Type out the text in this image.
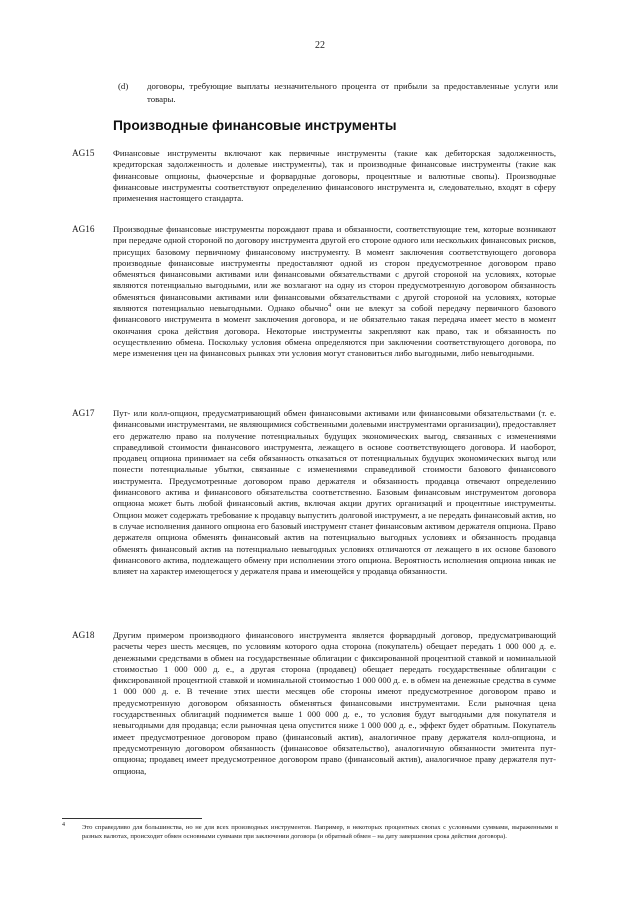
22
(d)	договоры, требующие выплаты незначительного процента от прибыли за предоставленные услуги или товары.
Производные финансовые инструменты
AG15	Финансовые инструменты включают как первичные инструменты (такие как дебиторская задолженность, кредиторская задолженность и долевые инструменты), так и производные финансовые инструменты (такие как финансовые опционы, фьючерсные и форвардные договоры, процентные и валютные свопы). Производные финансовые инструменты соответствуют определению финансового инструмента и, следовательно, входят в сферу применения настоящего стандарта.
AG16	Производные финансовые инструменты порождают права и обязанности, соответствующие тем, которые возникают при передаче одной стороной по договору инструмента другой его стороне одного или нескольких финансовых рисков, присущих базовому первичному финансовому инструменту. В момент заключения соответствующего договора производные финансовые инструменты предоставляют одной из сторон предусмотренное договором право обменяться финансовыми активами или финансовыми обязательствами с другой стороной на условиях, которые являются потенциально выгодными, или же возлагают на одну из сторон предусмотренную договором обязанность обменяться финансовыми активами или финансовыми обязательствами с другой стороной на условиях, которые являются потенциально невыгодными. Однако обычно$^4$ они не влекут за собой передачу первичного базового финансового инструмента в момент заключения договора, и не обязательно такая передача имеет место в момент окончания срока действия договора. Некоторые инструменты закрепляют как право, так и обязанность по осуществлению обмена. Поскольку условия обмена определяются при заключении соответствующего договора, по мере изменения цен на финансовых рынках эти условия могут становиться либо выгодными, либо невыгодными.
AG17	Пут- или колл-опцион, предусматривающий обмен финансовыми активами или финансовыми обязательствами (т. е. финансовыми инструментами, не являющимися собственными долевыми инструментами организации), предоставляет его держателю право на получение потенциальных будущих экономических выгод, связанных с изменениями справедливой стоимости финансового инструмента, лежащего в основе соответствующего договора. И наоборот, продавец опциона принимает на себя обязанность отказаться от потенциальных будущих экономических выгод или понести потенциальные убытки, связанные с изменениями справедливой стоимости базового финансового инструмента. Предусмотренные договором право держателя и обязанность продавца отвечают определению финансового актива и финансового обязательства соответственно. Базовым финансовым инструментом договора опциона может быть любой финансовый актив, включая акции других организаций и процентные инструменты. Опцион может содержать требование к продавцу выпустить долговой инструмент, а не передать финансовый актив, но в случае исполнения данного опциона его базовый инструмент станет финансовым активом держателя опциона. Право держателя опциона обменять финансовый актив на потенциально выгодных условиях и обязанность продавца обменять финансовый актив на потенциально невыгодных условиях отличаются от лежащего в их основе базового финансового актива, подлежащего обмену при исполнении этого опциона. Вероятность исполнения опциона никак не влияет на характер имеющегося у держателя права и имеющейся у продавца обязанности.
AG18	Другим примером производного финансового инструмента является форвардный договор, предусматривающий расчеты через шесть месяцев, по условиям которого одна сторона (покупатель) обещает передать 1 000 000 д. е. денежными средствами в обмен на государственные облигации с фиксированной процентной ставкой и номинальной стоимостью 1 000 000 д. е., а другая сторона (продавец) обещает передать государственные облигации с фиксированной процентной ставкой и номинальной стоимостью 1 000 000 д. е. в обмен на денежные средства в сумме 1 000 000 д. е. В течение этих шести месяцев обе стороны имеют предусмотренное договором право и предусмотренную договором обязанность обменяться финансовыми инструментами. Если рыночная цена государственных облигаций поднимется выше 1 000 000 д. е., то условия будут выгодными для покупателя и невыгодными для продавца; если рыночная цена опустится ниже 1 000 000 д. е., эффект будет обратным. Покупатель имеет предусмотренное договором право (финансовый актив), аналогичное праву держателя колл-опциона, и предусмотренную договором обязанность (финансовое обязательство), аналогичную обязанности эмитента пут-опциона; продавец имеет предусмотренное договором право (финансовый актив), аналогичное праву держателя пут-опциона,
4	Это справедливо для большинства, но не для всех производных инструментов. Например, в некоторых процентных свопах с условными суммами, выраженными в разных валютах, происходит обмен основными суммами при заключении договора (и обратный обмен – на дату завершения срока действия договора).
